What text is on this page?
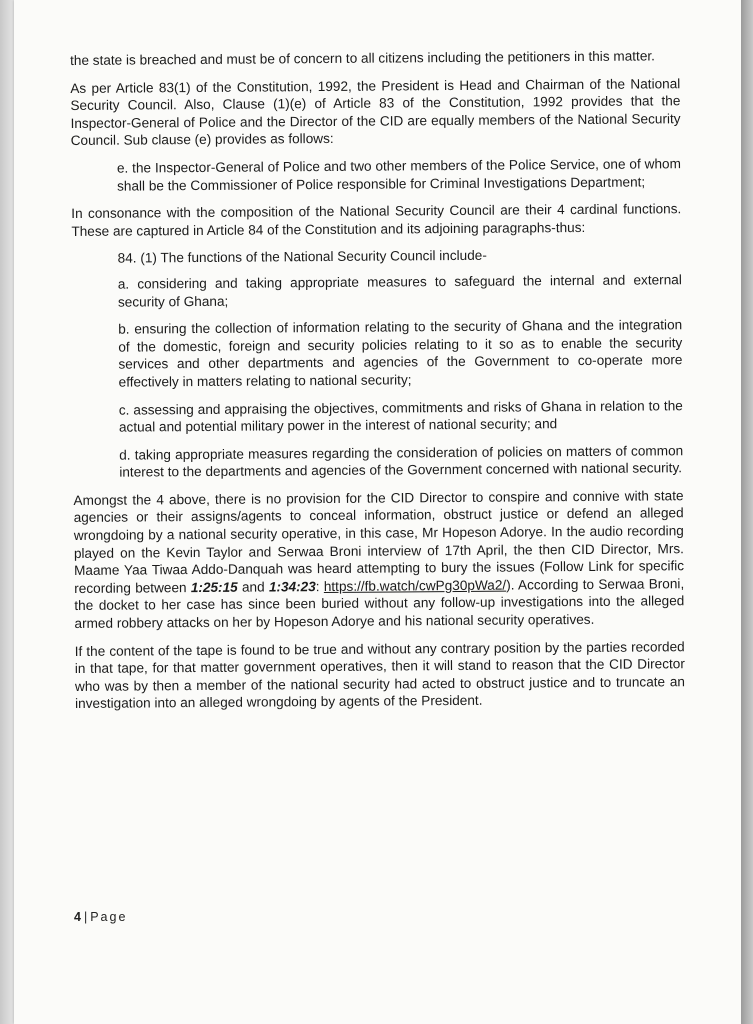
the state is breached and must be of concern to all citizens including the petitioners in this matter.

As per Article 83(1) of the Constitution, 1992, the President is Head and Chairman of the National Security Council. Also, Clause (1)(e) of Article 83 of the Constitution, 1992 provides that the Inspector-General of Police and the Director of the CID are equally members of the National Security Council. Sub clause (e) provides as follows:

e. the Inspector-General of Police and two other members of the Police Service, one of whom shall be the Commissioner of Police responsible for Criminal Investigations Department;

In consonance with the composition of the National Security Council are their 4 cardinal functions. These are captured in Article 84 of the Constitution and its adjoining paragraphs-thus:

84. (1) The functions of the National Security Council include-

a. considering and taking appropriate measures to safeguard the internal and external security of Ghana;

b. ensuring the collection of information relating to the security of Ghana and the integration of the domestic, foreign and security policies relating to it so as to enable the security services and other departments and agencies of the Government to co-operate more effectively in matters relating to national security;

c. assessing and appraising the objectives, commitments and risks of Ghana in relation to the actual and potential military power in the interest of national security; and

d. taking appropriate measures regarding the consideration of policies on matters of common interest to the departments and agencies of the Government concerned with national security.

Amongst the 4 above, there is no provision for the CID Director to conspire and connive with state agencies or their assigns/agents to conceal information, obstruct justice or defend an alleged wrongdoing by a national security operative, in this case, Mr Hopeson Adorye. In the audio recording played on the Kevin Taylor and Serwaa Broni interview of 17th April, the then CID Director, Mrs. Maame Yaa Tiwaa Addo-Danquah was heard attempting to bury the issues (Follow Link for specific recording between 1:25:15 and 1:34:23: https://fb.watch/cwPg30pWa2/). According to Serwaa Broni, the docket to her case has since been buried without any follow-up investigations into the alleged armed robbery attacks on her by Hopeson Adorye and his national security operatives.

If the content of the tape is found to be true and without any contrary position by the parties recorded in that tape, for that matter government operatives, then it will stand to reason that the CID Director who was by then a member of the national security had acted to obstruct justice and to truncate an investigation into an alleged wrongdoing by agents of the President.

4 | Page
